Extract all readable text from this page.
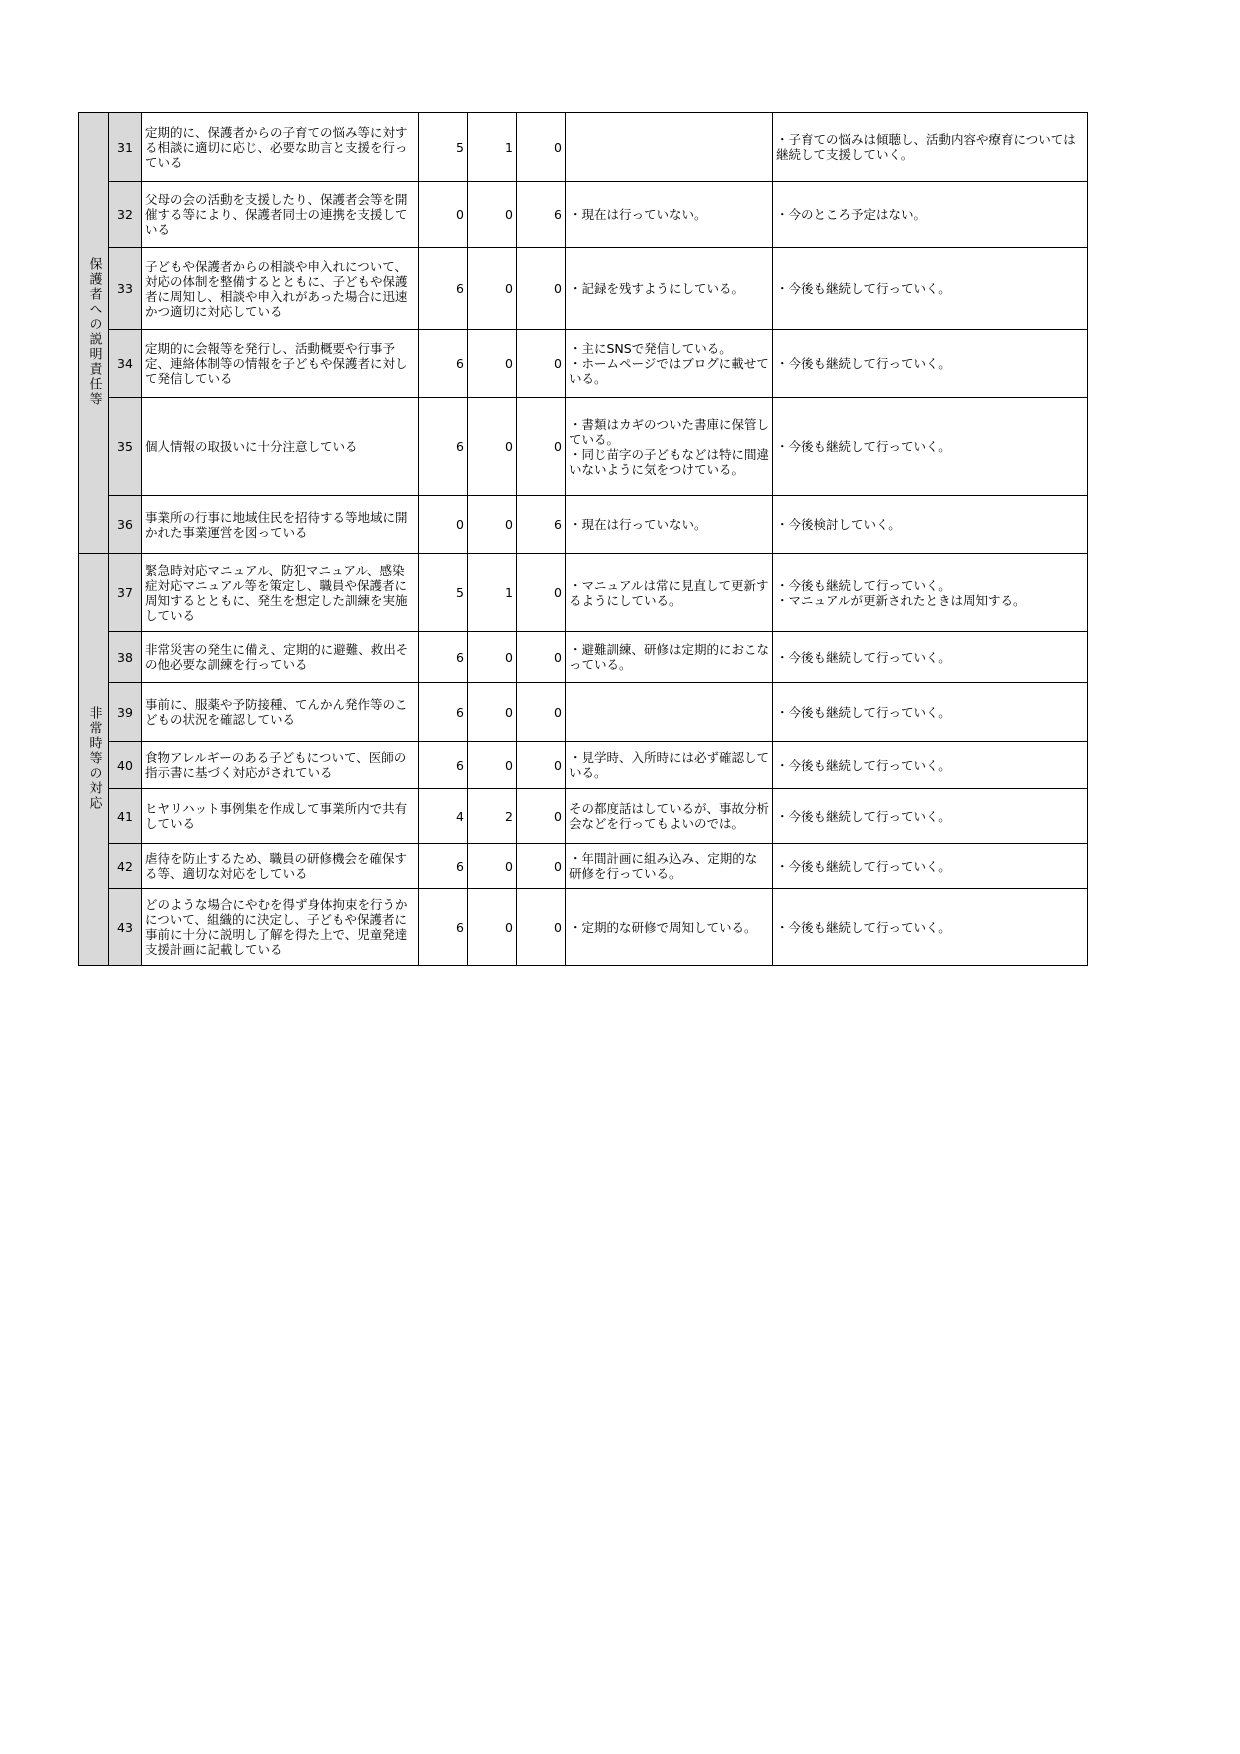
保護者への説明責任等	31	定期的に、保護者からの子育ての悩み等に対する相談に適切に応じ、必要な助言と支援を行っている	5	1	0		・子育ての悩みは傾聴し、活動内容や療育については継続して支援していく。
	32	父母の会の活動を支援したり、保護者会等を開催する等により、保護者同士の連携を支援している	0	0	6	・現在は行っていない。	・今のところ予定はない。
	33	子どもや保護者からの相談や申入れについて、対応の体制を整備するとともに、子どもや保護者に周知し、相談や申入れがあった場合に迅速かつ適切に対応している	6	0	0	・記録を残すようにしている。	・今後も継続して行っていく。
	34	定期的に会報等を発行し、活動概要や行事予定、連絡体制等の情報を子どもや保護者に対して発信している	6	0	0	・主にSNSで発信している。
・ホームページではブログに載せている。	・今後も継続して行っていく。
	35	個人情報の取扱いに十分注意している	6	0	0	・書類はカギのついた書庫に保管している。
・同じ苗字の子どもなどは特に間違いないように気をつけている。	・今後も継続して行っていく。
	36	事業所の行事に地域住民を招待する等地域に開かれた事業運営を図っている	0	0	6	・現在は行っていない。	・今後検討していく。
非常時等の対応	37	緊急時対応マニュアル、防犯マニュアル、感染症対応マニュアル等を策定し、職員や保護者に周知するとともに、発生を想定した訓練を実施している	5	1	0	・マニュアルは常に見直して更新するようにしている。	・今後も継続して行っていく。
・マニュアルが更新されたときは周知する。
	38	非常災害の発生に備え、定期的に避難、救出その他必要な訓練を行っている	6	0	0	・避難訓練、研修は定期的におこなっている。	・今後も継続して行っていく。
	39	事前に、服薬や予防接種、てんかん発作等のこどもの状況を確認している	6	0	0		・今後も継続して行っていく。
	40	食物アレルギーのある子どもについて、医師の指示書に基づく対応がされている	6	0	0	・見学時、入所時には必ず確認している。	・今後も継続して行っていく。
	41	ヒヤリハット事例集を作成して事業所内で共有している	4	2	0	その都度話はしているが、事故分析会などを行ってもよいのでは。	・今後も継続して行っていく。
	42	虐待を防止するため、職員の研修機会を確保する等、適切な対応をしている	6	0	0	・年間計画に組み込み、定期的な研修を行っている。	・今後も継続して行っていく。
	43	どのような場合にやむを得ず身体拘束を行うかについて、組織的に決定し、子どもや保護者に事前に十分に説明し了解を得た上で、児童発達支援計画に記載している	6	0	0	・定期的な研修で周知している。	・今後も継続して行っていく。
